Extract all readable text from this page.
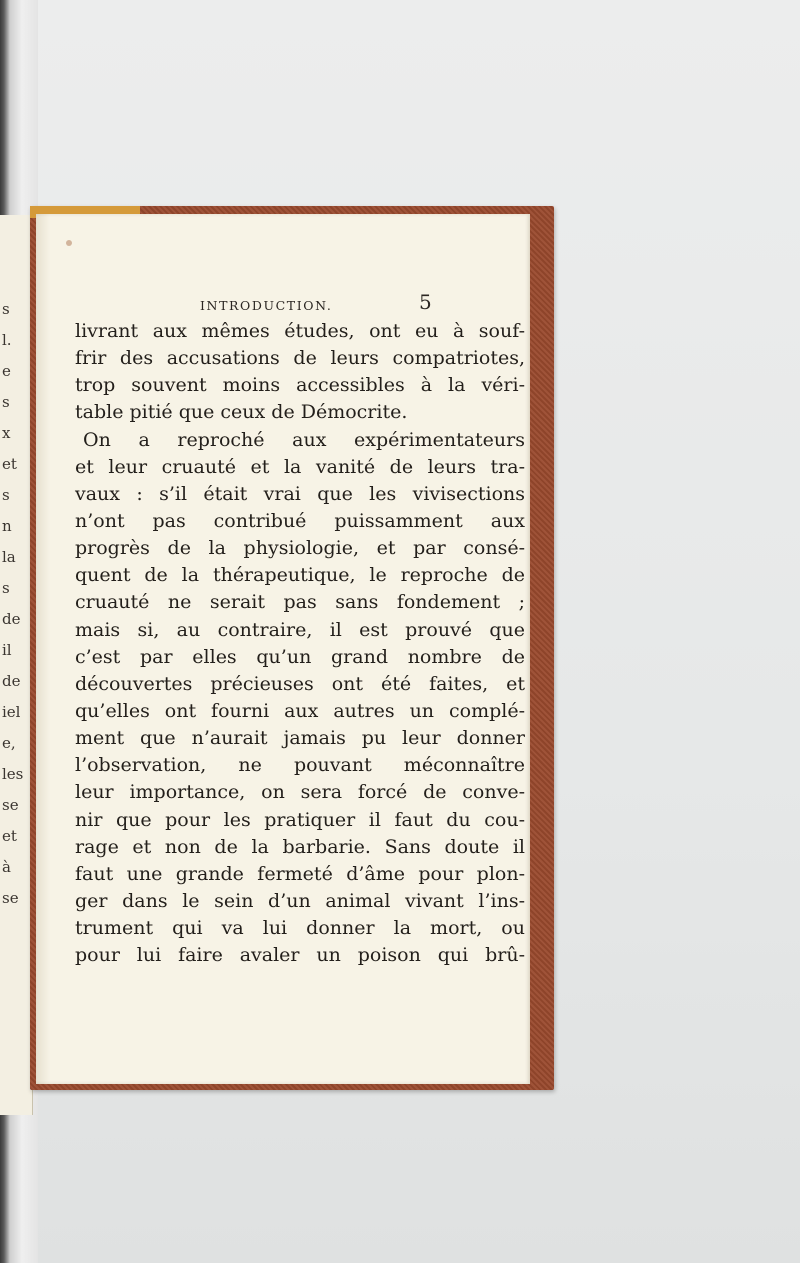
s
l.
e
s
x
et
s
n
la
s
de
il
de
iel
e,
les
se
et
à
se
INTRODUCTION.	5
livrant aux mêmes études, ont eu à souf-
frir des accusations de leurs compatriotes,
trop souvent moins accessibles à la véri-
table pitié que ceux de Démocrite.
On a reproché aux expérimentateurs
et leur cruauté et la vanité de leurs tra-
vaux : s’il était vrai que les vivisections
n’ont pas contribué puissamment aux
progrès de la physiologie, et par consé-
quent de la thérapeutique, le reproche de
cruauté ne serait pas sans fondement ;
mais si, au contraire, il est prouvé que
c’est par elles qu’un grand nombre de
découvertes précieuses ont été faites, et
qu’elles ont fourni aux autres un complé-
ment que n’aurait jamais pu leur donner
l’observation, ne pouvant méconnaître
leur importance, on sera forcé de conve-
nir que pour les pratiquer il faut du cou-
rage et non de la barbarie. Sans doute il
faut une grande fermeté d’âme pour plon-
ger dans le sein d’un animal vivant l’ins-
trument qui va lui donner la mort, ou
pour lui faire avaler un poison qui brû-
